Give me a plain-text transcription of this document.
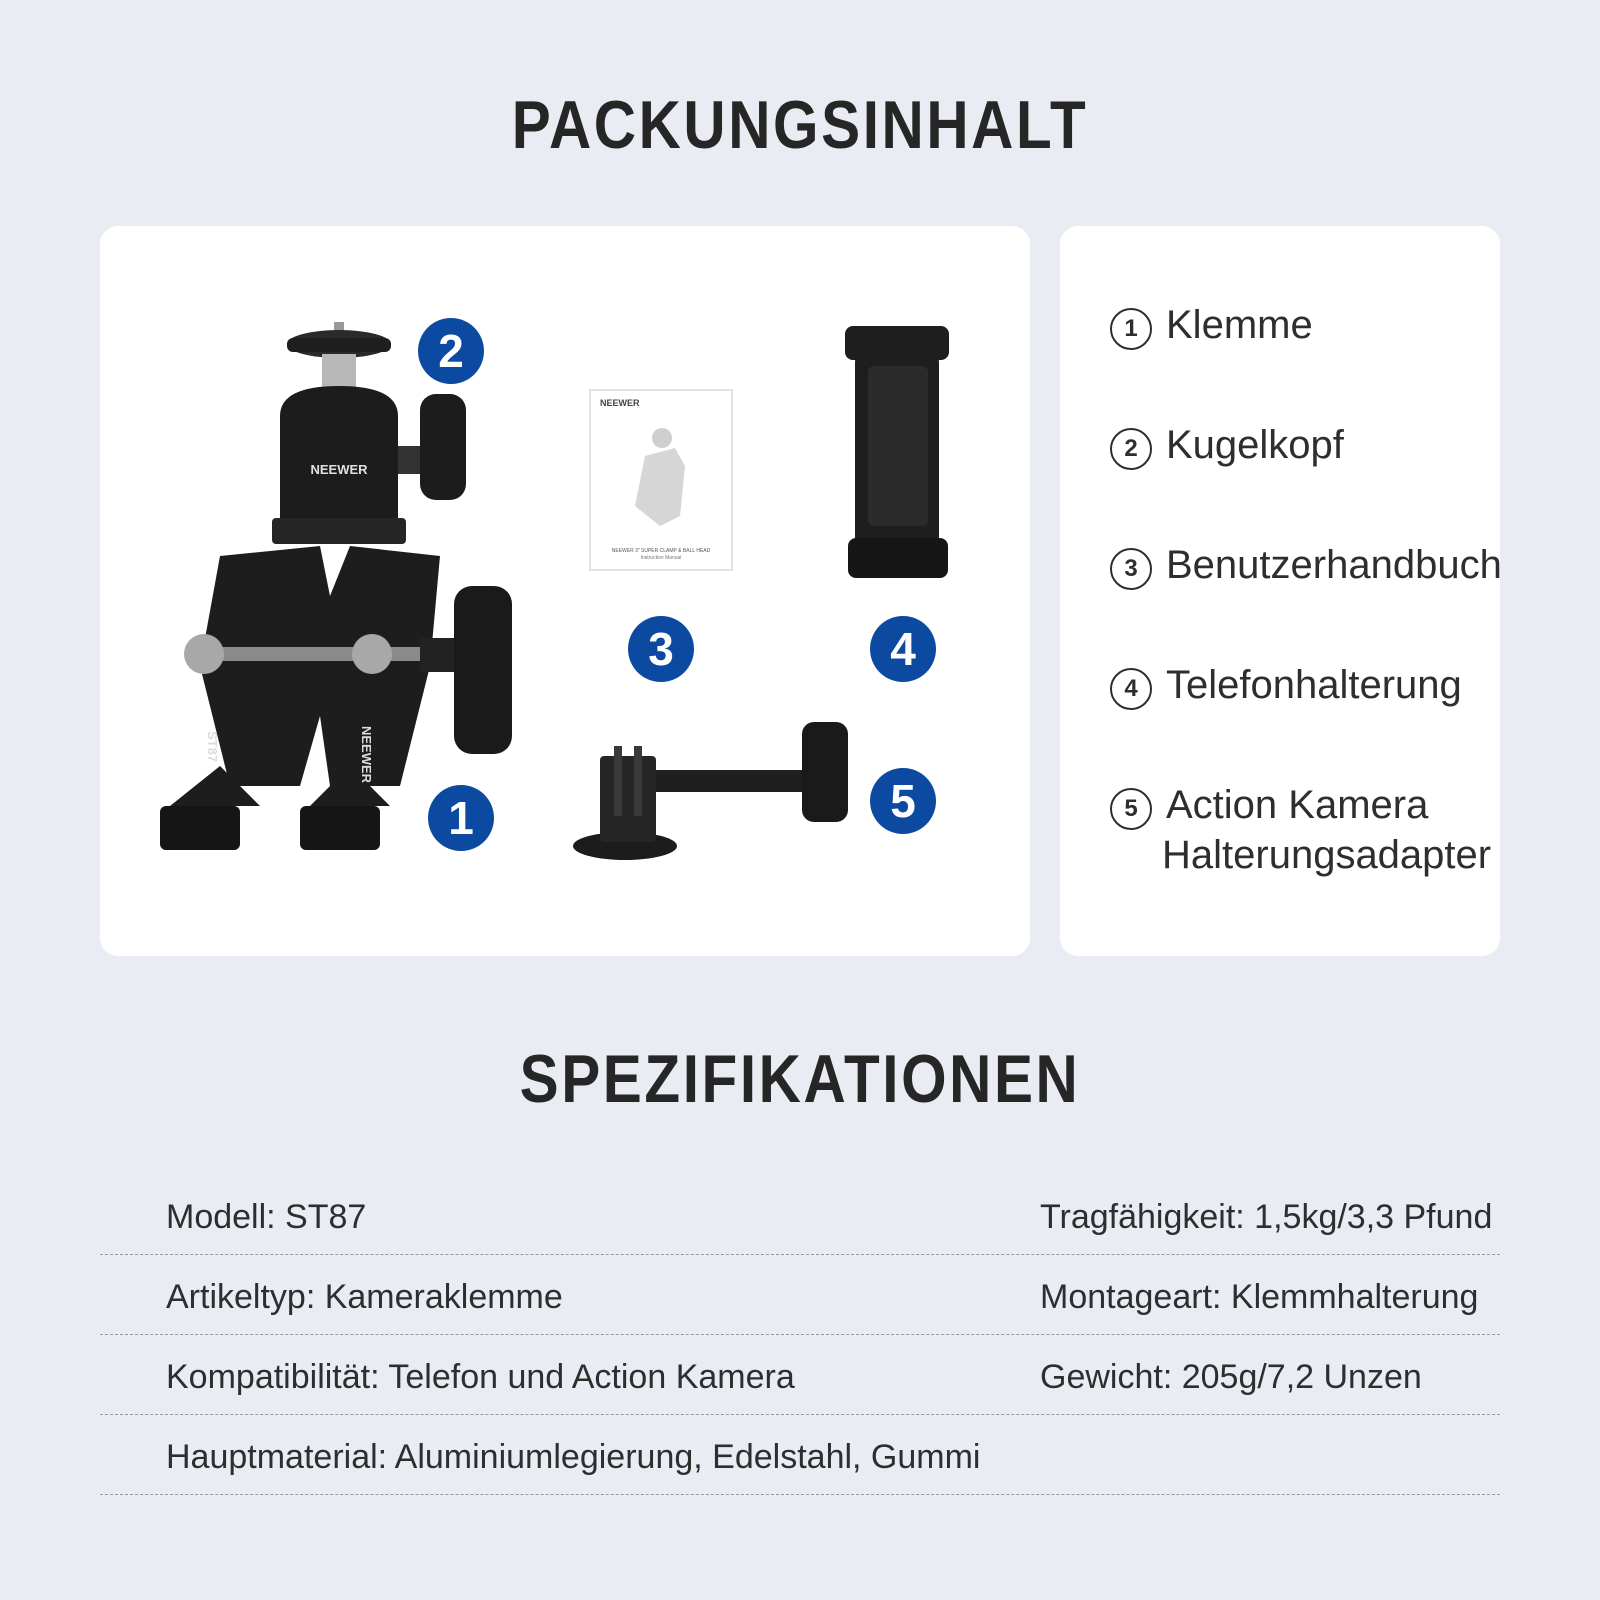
PACKUNGSINHALT
NEEWER
ST87	NEEWER
NEEWER
NEEWER 3" SUPER CLAMP & BALL HEAD
Instruction Manual
1
2
3	4
5
1 Klemme
2 Kugelkopf
3 Benutzerhandbuch
4 Telefonhalterung
5 Action Kamera
Halterungsadapter
SPEZIFIKATIONEN
Modell: ST87	Tragfähigkeit: 1,5kg/3,3 Pfund
Artikeltyp: Kameraklemme	Montageart: Klemmhalterung
Kompatibilität: Telefon und Action Kamera	Gewicht: 205g/7,2 Unzen
Hauptmaterial: Aluminiumlegierung, Edelstahl, Gummi
